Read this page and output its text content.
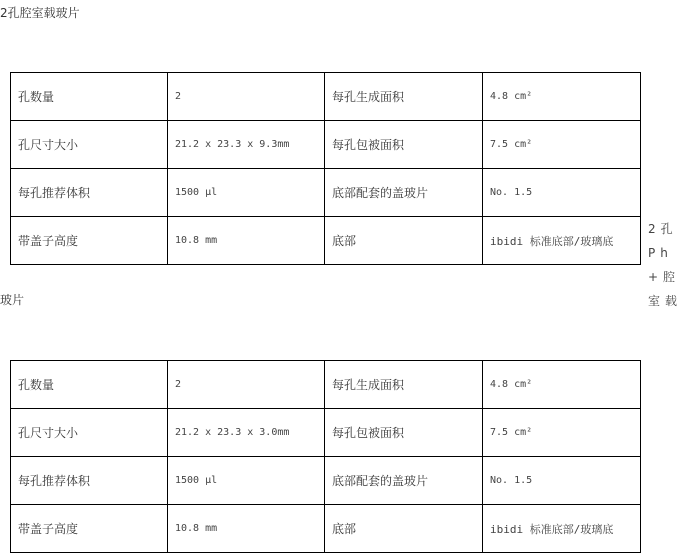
2孔腔室载玻片
孔数量	2	每孔生成面积	4.8 cm²
孔尺寸大小	21.2 x 23.3 x 9.3mm	每孔包被面积	7.5 cm²
每孔推荐体积	1500 µl	底部配套的盖玻片	No. 1.5
带盖子高度	10.8 mm	底部	ibidi 标准底部/玻璃底
2孔Ph+腔室载
玻片
孔数量	2	每孔生成面积	4.8 cm²
孔尺寸大小	21.2 x 23.3 x 3.0mm	每孔包被面积	7.5 cm²
每孔推荐体积	1500 µl	底部配套的盖玻片	No. 1.5
带盖子高度	10.8 mm	底部	ibidi 标准底部/玻璃底
